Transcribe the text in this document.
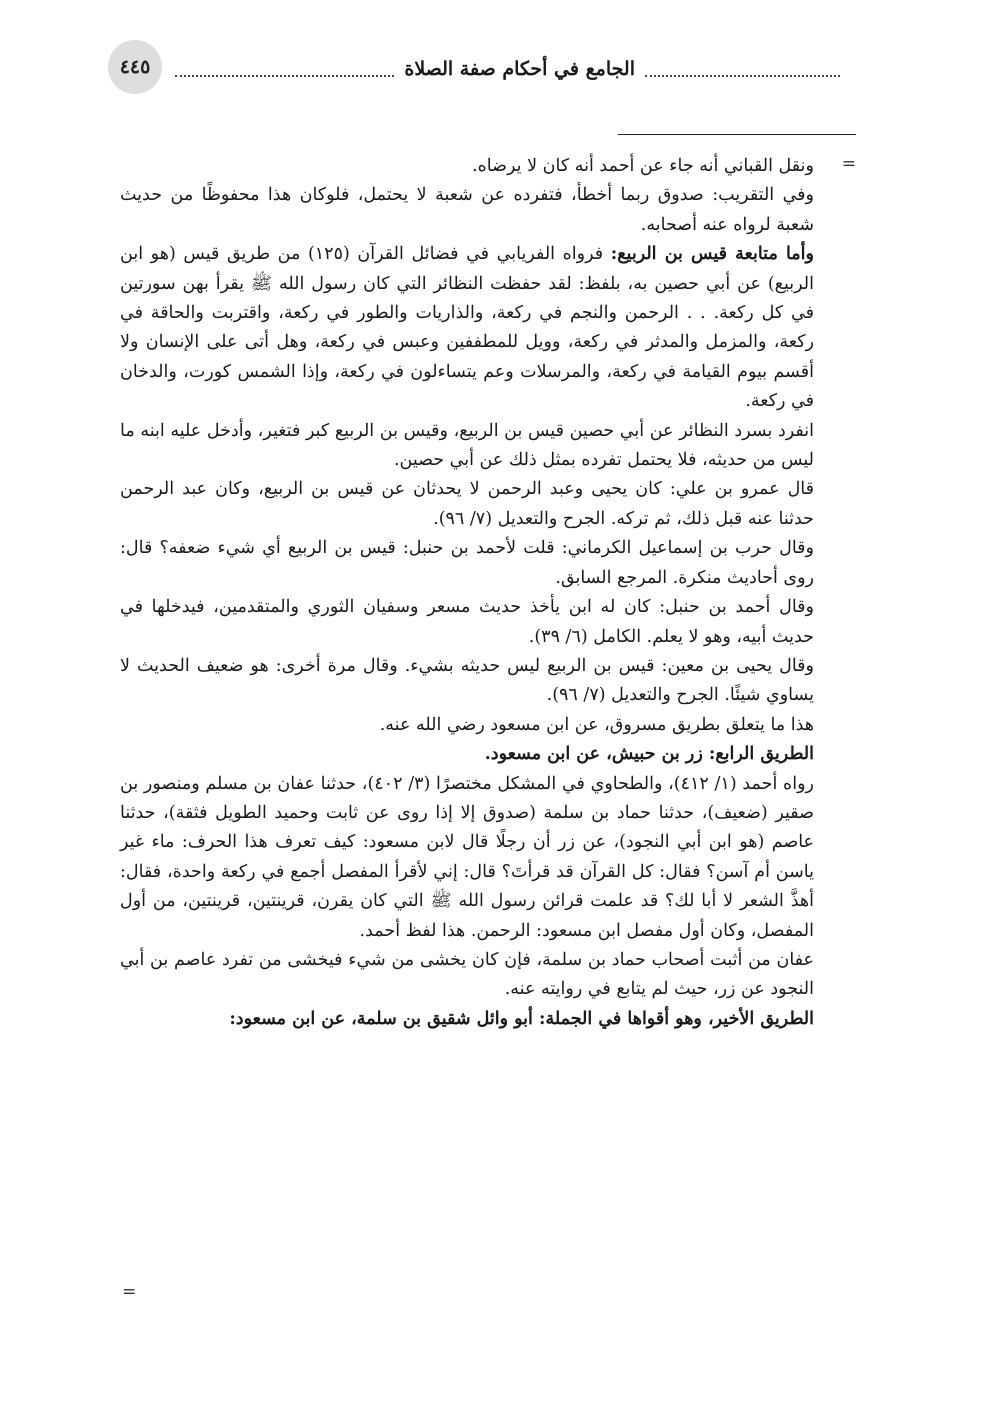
٤٤٥	الجامع في أحكام صفة الصلاة
=

ونقل القباني أنه جاء عن أحمد أنه كان لا يرضاه.

وفي التقريب: صدوق ربما أخطأ، فتفرده عن شعبة لا يحتمل، فلوكان هذا محفوظًا من حديث شعبة لرواه عنه أصحابه.

وأما متابعة قيس بن الربيع: فرواه الفريابي في فضائل القرآن (١٢٥) من طريق قيس (هو ابن الربيع) عن أبي حصين به، بلفظ: لقد حفظت النظائر التي كان رسول الله ﷺ يقرأ بهن سورتين في كل ركعة. . . الرحمن والنجم في ركعة، والذاريات والطور في ركعة، واقتربت والحاقة في ركعة، والمزمل والمدثر في ركعة، وويل للمطففين وعبس في ركعة، وهل أتى على الإنسان ولا أقسم بيوم القيامة في ركعة، والمرسلات وعم يتساءلون في ركعة، وإذا الشمس كورت، والدخان في ركعة.

انفرد بسرد النظائر عن أبي حصين قيس بن الربيع، وقيس بن الربيع كبر فتغير، وأدخل عليه ابنه ما ليس من حديثه، فلا يحتمل تفرده بمثل ذلك عن أبي حصين.

قال عمرو بن علي: كان يحيى وعبد الرحمن لا يحدثان عن قيس بن الربيع، وكان عبد الرحمن حدثنا عنه قبل ذلك، ثم تركه. الجرح والتعديل (٧/ ٩٦).

وقال حرب بن إسماعيل الكرماني: قلت لأحمد بن حنبل: قيس بن الربيع أي شيء ضعفه؟ قال: روى أحاديث منكرة. المرجع السابق.

وقال أحمد بن حنبل: كان له ابن يأخذ حديث مسعر وسفيان الثوري والمتقدمين، فيدخلها في حديث أبيه، وهو لا يعلم. الكامل (٦/ ٣٩).

وقال يحيى بن معين: قيس بن الربيع ليس حديثه بشيء. وقال مرة أخرى: هو ضعيف الحديث لا يساوي شيئًا. الجرح والتعديل (٧/ ٩٦).

هذا ما يتعلق بطريق مسروق، عن ابن مسعود رضي الله عنه.

الطريق الرابع: زر بن حبيش، عن ابن مسعود.

رواه أحمد (١/ ٤١٢)، والطحاوي في المشكل مختصرًا (٣/ ٤٠٢)، حدثنا عفان بن مسلم ومنصور بن صقير (ضعيف)، حدثنا حماد بن سلمة (صدوق إلا إذا روى عن ثابت وحميد الطويل فثقة)، حدثنا عاصم (هو ابن أبي النجود)، عن زر أن رجلًا قال لابن مسعود: كيف تعرف هذا الحرف: ماء غير ياسن أم آسن؟ فقال: كل القرآن قد قرأتَ؟ قال: إني لأقرأ المفصل أجمع في ركعة واحدة، فقال: أهذَّ الشعر لا أبا لك؟ قد علمت قرائن رسول الله ﷺ التي كان يقرن، قرينتين، قرينتين، من أول المفصل، وكان أول مفصل ابن مسعود: الرحمن. هذا لفظ أحمد.

عفان من أثبت أصحاب حماد بن سلمة، فإن كان يخشى من شيء فيخشى من تفرد عاصم بن أبي النجود عن زر، حيث لم يتابع في روايته عنه.

الطريق الأخير، وهو أقواها في الجملة: أبو وائل شقيق بن سلمة، عن ابن مسعود:

=
